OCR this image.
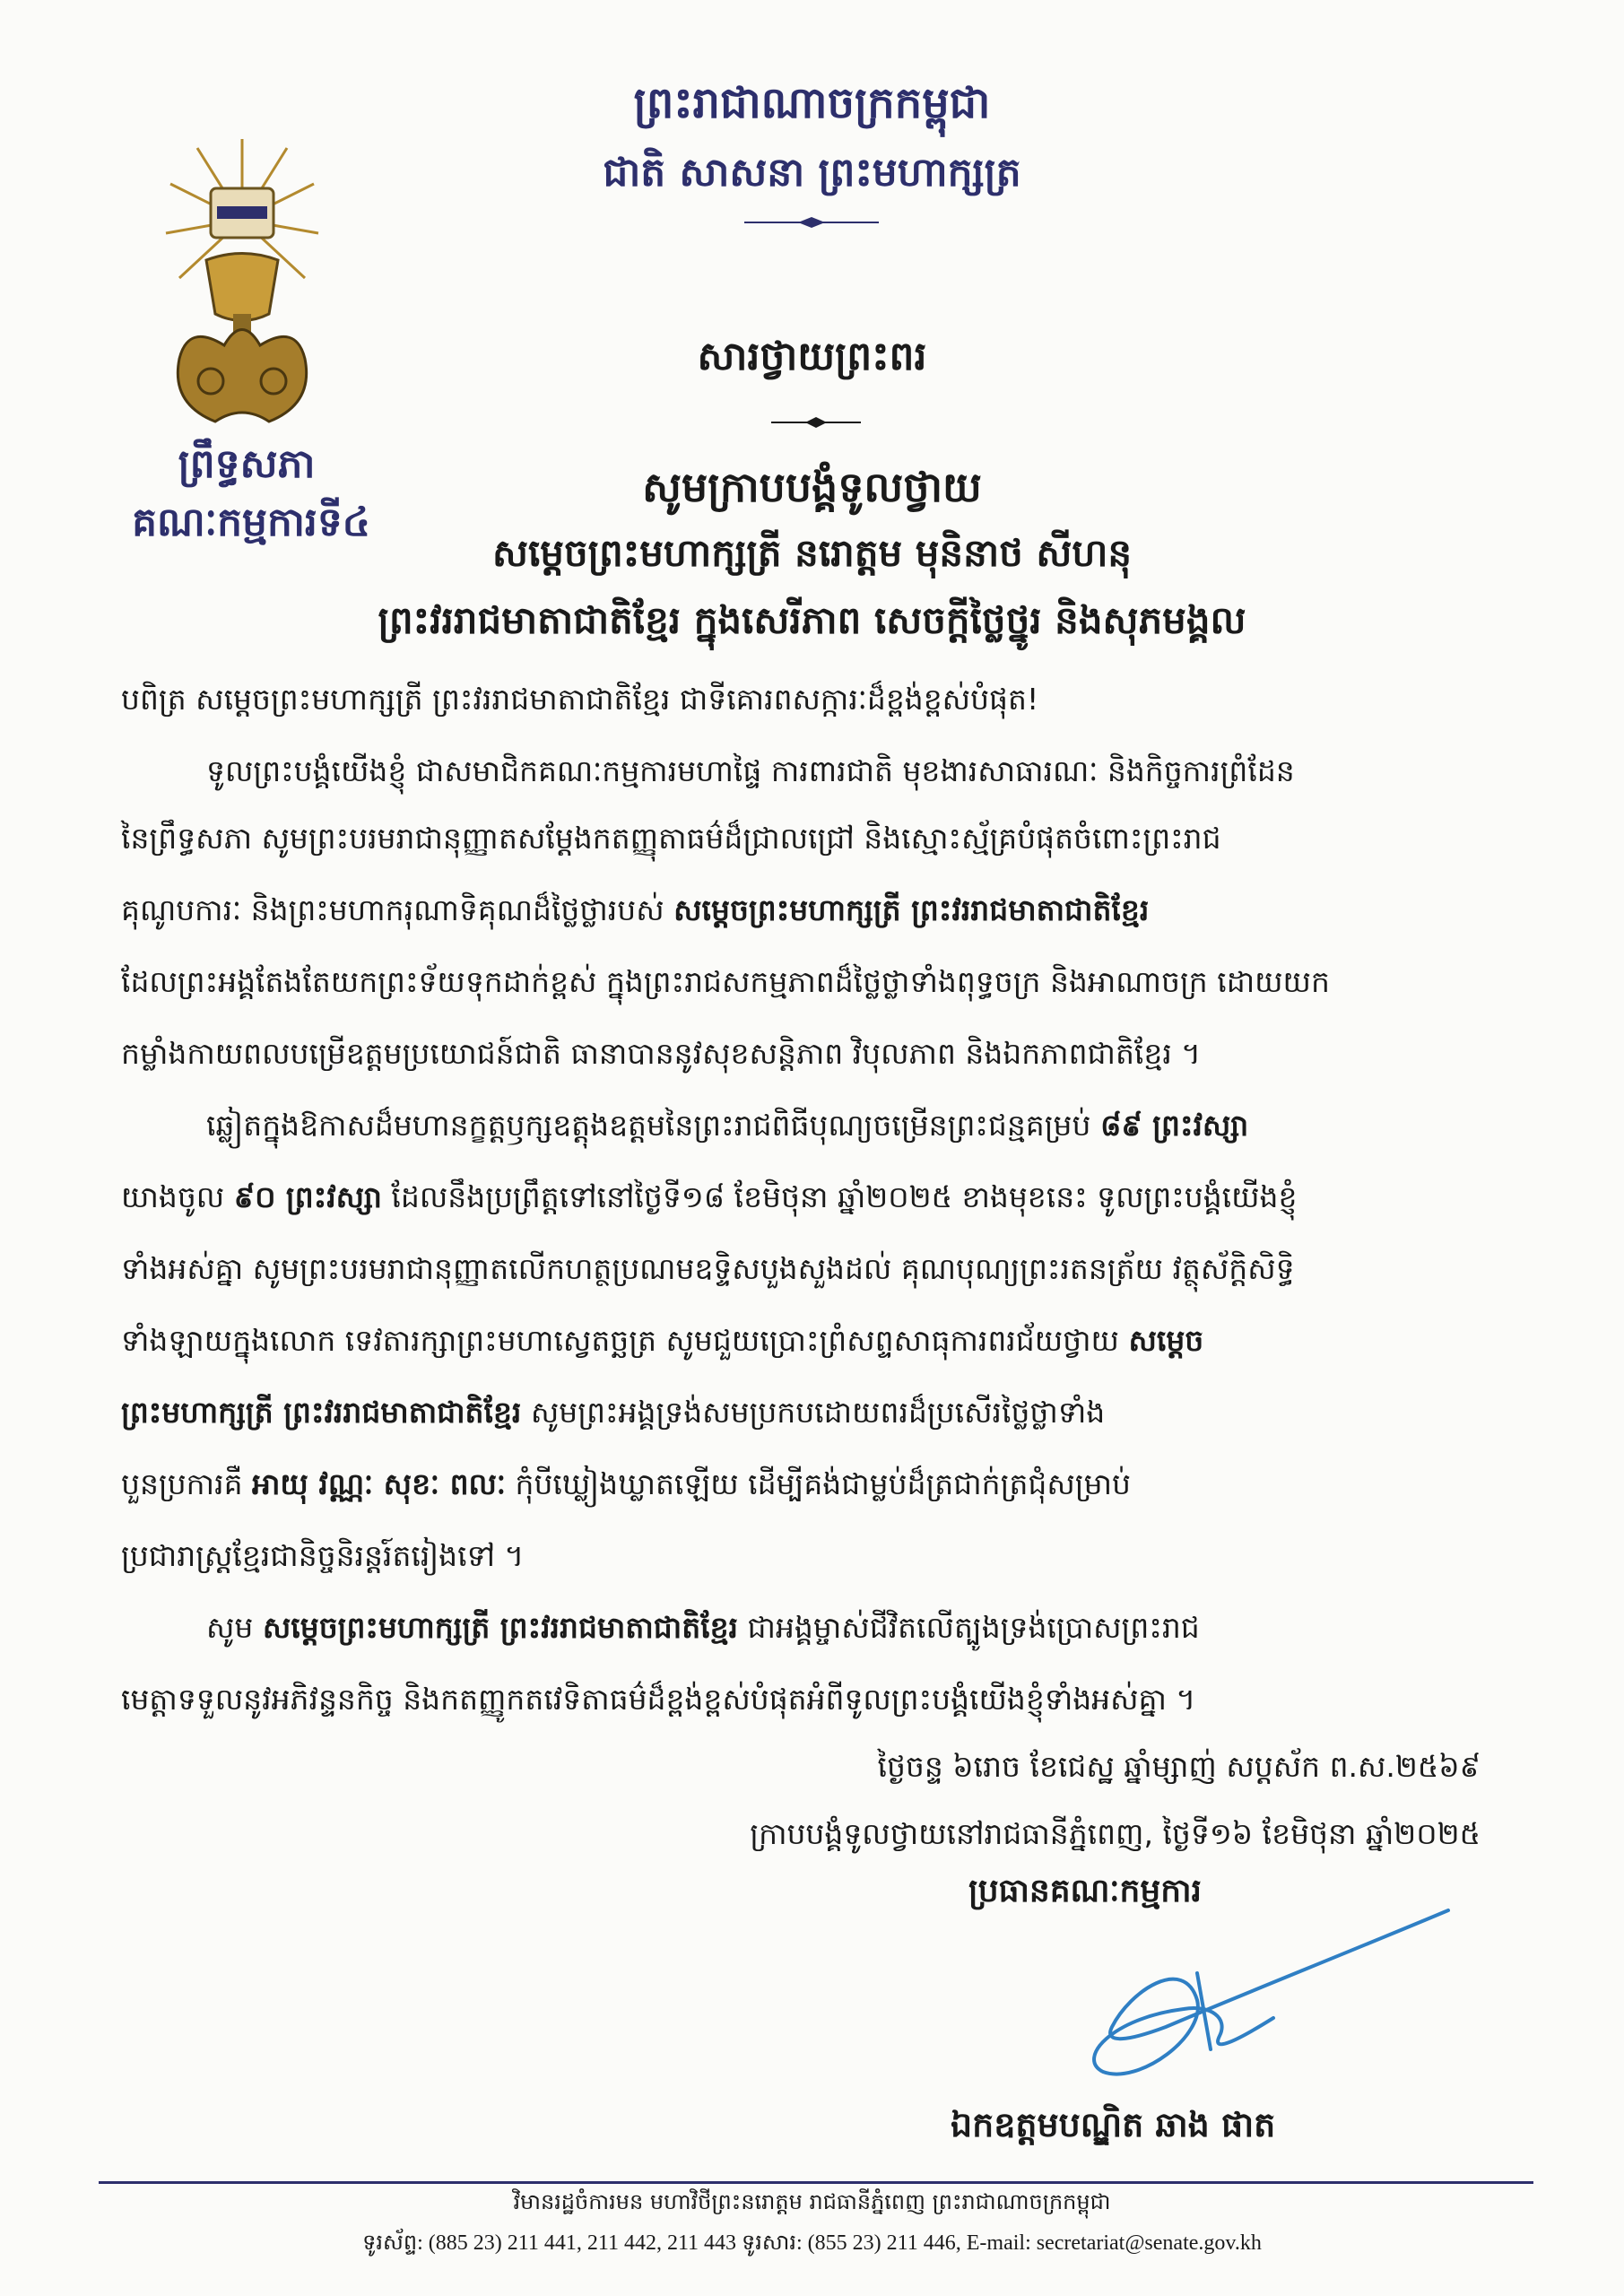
ព្រះរាជាណាចក្រកម្ពុជា
ជាតិ សាសនា ព្រះមហាក្សត្រ
ព្រឹទ្ធសភា
គណៈកម្មការទី៤
សារថ្វាយព្រះពរ
សូមក្រាបបង្គំទូលថ្វាយ
សម្តេចព្រះមហាក្សត្រី នរោត្តម មុនិនាថ សីហនុ
ព្រះវររាជមាតាជាតិខ្មែរ ក្នុងសេរីភាព សេចក្តីថ្លៃថ្នូរ និងសុភមង្គល
បពិត្រ សម្តេចព្រះមហាក្សត្រី ព្រះវររាជមាតាជាតិខ្មែរ ជាទីគោរពសក្ការៈដ៏ខ្ពង់ខ្ពស់បំផុត!
ទូលព្រះបង្គំយើងខ្ញុំ ជាសមាជិកគណៈកម្មការមហាផ្ទៃ ការពារជាតិ មុខងារសាធារណៈ និងកិច្ចការព្រំដែន
នៃព្រឹទ្ធសភា សូមព្រះបរមរាជានុញ្ញាតសម្តែងកតញ្ញុតាធម៌ដ៏ជ្រាលជ្រៅ និងស្មោះស្ម័គ្របំផុតចំពោះព្រះរាជ
គុណូបការៈ និងព្រះមហាករុណាទិគុណដ៏ថ្លៃថ្លារបស់ សម្តេចព្រះមហាក្សត្រី ព្រះវររាជមាតាជាតិខ្មែរ
ដែលព្រះអង្គតែងតែយកព្រះទ័យទុកដាក់ខ្ពស់ ក្នុងព្រះរាជសកម្មភាពដ៏ថ្លៃថ្លាទាំងពុទ្ធចក្រ និងអាណាចក្រ ដោយយក
កម្លាំងកាយពលបម្រើឧត្តមប្រយោជន៍ជាតិ ធានាបាននូវសុខសន្តិភាព វិបុលភាព និងឯកភាពជាតិខ្មែរ ។
ឆ្លៀតក្នុងឱកាសដ៏មហានក្ខត្តឫក្សឧត្តុងឧត្តមនៃព្រះរាជពិធីបុណ្យចម្រើនព្រះជន្មគម្រប់ ៨៩ ព្រះវស្សា
យាងចូល ៩០ ព្រះវស្សា ដែលនឹងប្រព្រឹត្តទៅនៅថ្ងៃទី១៨ ខែមិថុនា ឆ្នាំ២០២៥ ខាងមុខនេះ ទូលព្រះបង្គំយើងខ្ញុំ
ទាំងអស់គ្នា សូមព្រះបរមរាជានុញ្ញាតលើកហត្ថប្រណមឧទ្ទិសបួងសួងដល់ គុណបុណ្យព្រះរតនត្រ័យ វត្ថុស័ក្តិសិទ្ធិ
ទាំងឡាយក្នុងលោក ទេវតារក្សាព្រះមហាស្វេតច្ឆត្រ សូមជួយប្រោះព្រំសព្ទសាធុការពរជ័យថ្វាយ សម្តេច
ព្រះមហាក្សត្រី ព្រះវររាជមាតាជាតិខ្មែរ សូមព្រះអង្គទ្រង់សមប្រកបដោយពរដ៏ប្រសើរថ្លៃថ្លាទាំង
បួនប្រការគឺ អាយុ វណ្ណៈ សុខៈ ពលៈ កុំបីឃ្លៀងឃ្លាតឡើយ ដើម្បីគង់ជាម្លប់ដ៏ត្រជាក់ត្រជុំសម្រាប់
ប្រជារាស្ត្រខ្មែរជានិច្ចនិរន្តរ៍តរៀងទៅ ។
សូម សម្តេចព្រះមហាក្សត្រី ព្រះវររាជមាតាជាតិខ្មែរ ជាអង្គម្ចាស់ជីវិតលើត្បូងទ្រង់ប្រោសព្រះរាជ
មេត្តាទទួលនូវអភិវន្ទនកិច្ច និងកតញ្ញូកតវេទិតាធម៌ដ៏ខ្ពង់ខ្ពស់បំផុតអំពីទូលព្រះបង្គំយើងខ្ញុំទាំងអស់គ្នា ។
ថ្ងៃចន្ទ ៦រោច ខែជេស្ឋ ឆ្នាំម្សាញ់ សប្តស័ក ព.ស.២៥៦៩
ក្រាបបង្គំទូលថ្វាយនៅរាជធានីភ្នំពេញ, ថ្ងៃទី១៦ ខែមិថុនា ឆ្នាំ២០២៥
ប្រធានគណៈកម្មការ
ឯកឧត្តមបណ្ឌិត ឆាង ផាត
វិមានរដ្ឋចំការមន មហាវិថីព្រះនរោត្តម រាជធានីភ្នំពេញ ព្រះរាជាណាចក្រកម្ពុជា
ទូរស័ព្ទ: (885 23) 211 441, 211 442, 211 443 ទូរសារ: (855 23) 211 446, E-mail: secretariat@senate.gov.kh
